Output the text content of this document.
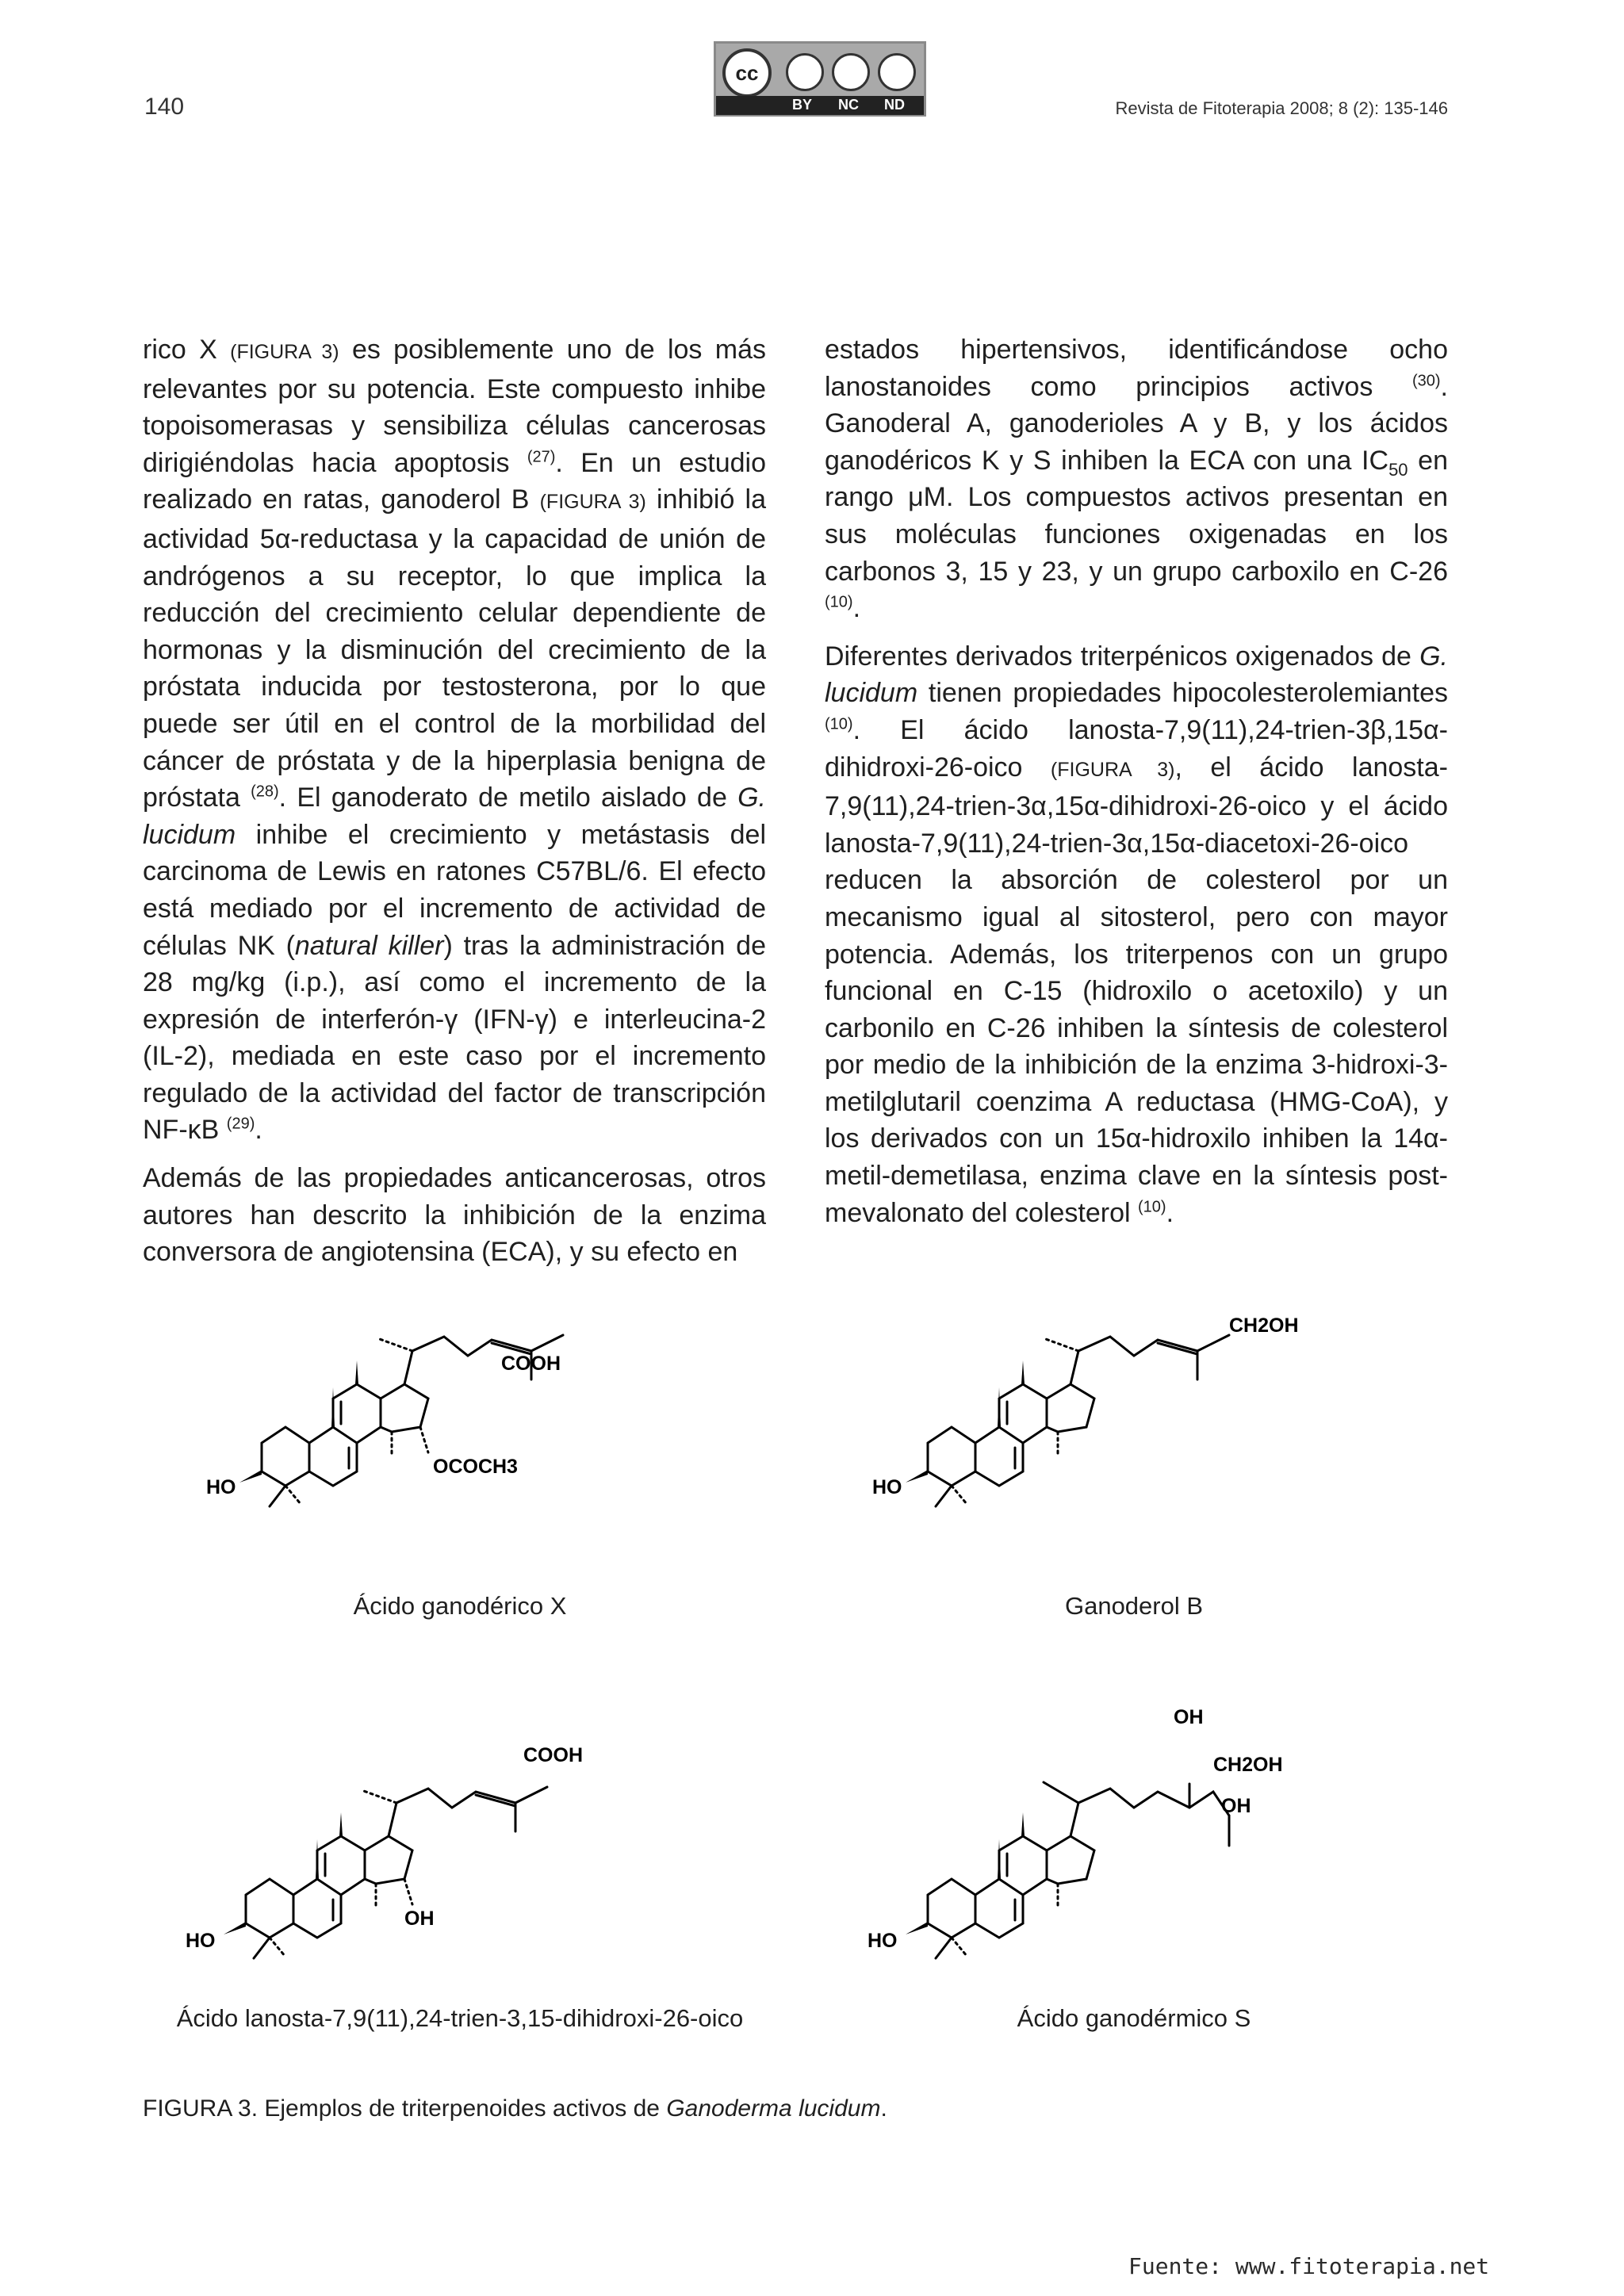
140
cc
BY NC ND	Revista de Fitoterapia 2008; 8 (2): 135-146

rico X (FIGURA 3) es posiblemente uno de los más relevantes por su potencia. Este compuesto inhibe topoisomerasas y sensibiliza células cancerosas dirigiéndolas hacia apoptosis $^{(27)}$. En un estudio realizado en ratas, ganoderol B (FIGURA 3) inhibió la actividad 5α-reductasa y la capacidad de unión de andrógenos a su receptor, lo que implica la reducción del crecimiento celular dependiente de hormonas y la disminución del crecimiento de la próstata inducida por testosterona, por lo que puede ser útil en el control de la morbilidad del cáncer de próstata y de la hiperplasia benigna de próstata $^{(28)}$. El ganoderato de metilo aislado de G. lucidum inhibe el crecimiento y metástasis del carcinoma de Lewis en ratones C57BL/6. El efecto está mediado por el incremento de actividad de células NK (natural killer) tras la administración de 28 mg/kg (i.p.), así como el incremento de la expresión de interferón-γ (IFN-γ) e interleucina-2 (IL-2), mediada en este caso por el incremento regulado de la actividad del factor de transcripción NF-κB $^{(29)}$.

Además de las propiedades anticancerosas, otros autores han descrito la inhibición de la enzima conversora de angiotensina (ECA), y su efecto en

estados hipertensivos, identificándose ocho lanostanoides como principios activos $^{(30)}$. Ganoderal A, ganoderioles A y B, y los ácidos ganodéricos K y S inhiben la ECA con una $IC_{50}$ en rango μM. Los compuestos activos presentan en sus moléculas funciones oxigenadas en los carbonos 3, 15 y 23, y un grupo carboxilo en C-26 $^{(10)}$.

Diferentes derivados triterpénicos oxigenados de G. lucidum tienen propiedades hipocolesterolemiantes $^{(10)}$. El ácido lanosta-7,9(11),24-trien-3β,15α-dihidroxi-26-oico (FIGURA 3), el ácido lanosta-7,9(11),24-trien-3α,15α-dihidroxi-26-oico y el ácido lanosta-7,9(11),24-trien-3α,15α-diacetoxi-26-oico reducen la absorción de colesterol por un mecanismo igual al sitosterol, pero con mayor potencia. Además, los triterpenos con un grupo funcional en C-15 (hidroxilo o acetoxilo) y un carbonilo en C-26 inhiben la síntesis de colesterol por medio de la inhibición de la enzima 3-hidroxi-3-metilglutaril coenzima A reductasa (HMG-CoA), y los derivados con un 15α-hidroxilo inhiben la 14α-metil-demetilasa, enzima clave en la síntesis post-mevalonato del colesterol $^{(10)}$.

COOH
OCOCH3
HO
Ácido ganodérico X
CH2OH
HO
Ganoderol B
COOH
OH
HO
Ácido lanosta-7,9(11),24-trien-3,15-dihidroxi-26-oico
OH
CH2OH
OH
HO
Ácido ganodérmico S
FIGURA 3. Ejemplos de triterpenoides activos de Ganoderma lucidum.
Fuente: www.fitoterapia.net
